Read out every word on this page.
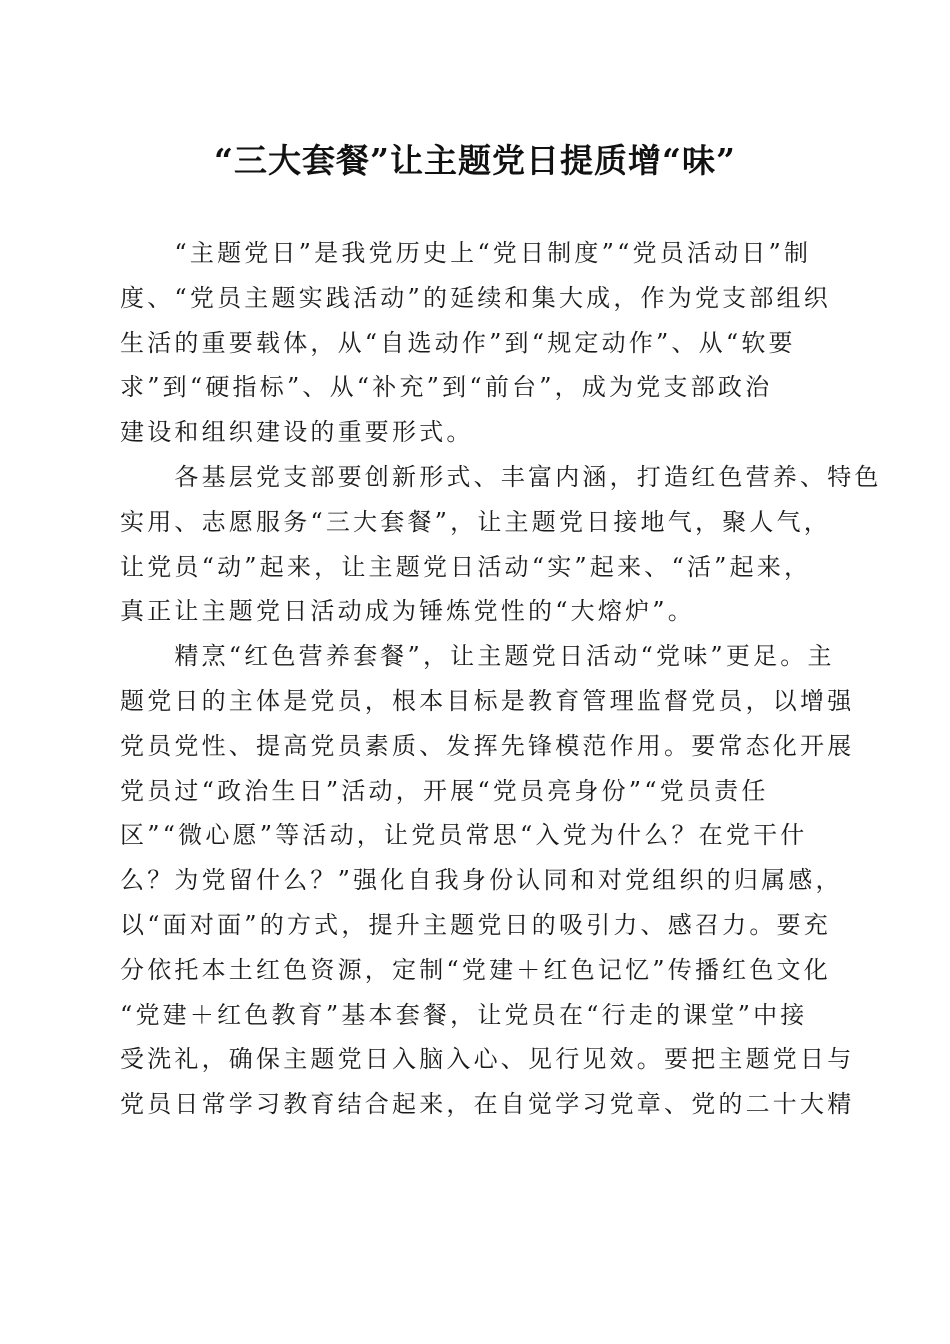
“三大套餐”让主题党日提质增“味”
　　“主题党日”是我党历史上“党日制度”“党员活动日”制
度、“党员主题实践活动”的延续和集大成，作为党支部组织
生活的重要载体，从“自选动作”到“规定动作”、从“软要
求”到“硬指标”、从“补充”到“前台”，成为党支部政治
建设和组织建设的重要形式。
　　各基层党支部要创新形式、丰富内涵，打造红色营养、特色
实用、志愿服务“三大套餐”，让主题党日接地气，聚人气，
让党员“动”起来，让主题党日活动“实”起来、“活”起来，
真正让主题党日活动成为锤炼党性的“大熔炉”。
　　精烹“红色营养套餐”，让主题党日活动“党味”更足。主
题党日的主体是党员，根本目标是教育管理监督党员，以增强
党员党性、提高党员素质、发挥先锋模范作用。要常态化开展
党员过“政治生日”活动，开展“党员亮身份”“党员责任
区”“微心愿”等活动，让党员常思“入党为什么？在党干什
么？为党留什么？”强化自我身份认同和对党组织的归属感，
以“面对面”的方式，提升主题党日的吸引力、感召力。要充
分依托本土红色资源，定制“党建＋红色记忆”传播红色文化
“党建＋红色教育”基本套餐，让党员在“行走的课堂”中接
受洗礼，确保主题党日入脑入心、见行见效。要把主题党日与
党员日常学习教育结合起来，在自觉学习党章、党的二十大精
